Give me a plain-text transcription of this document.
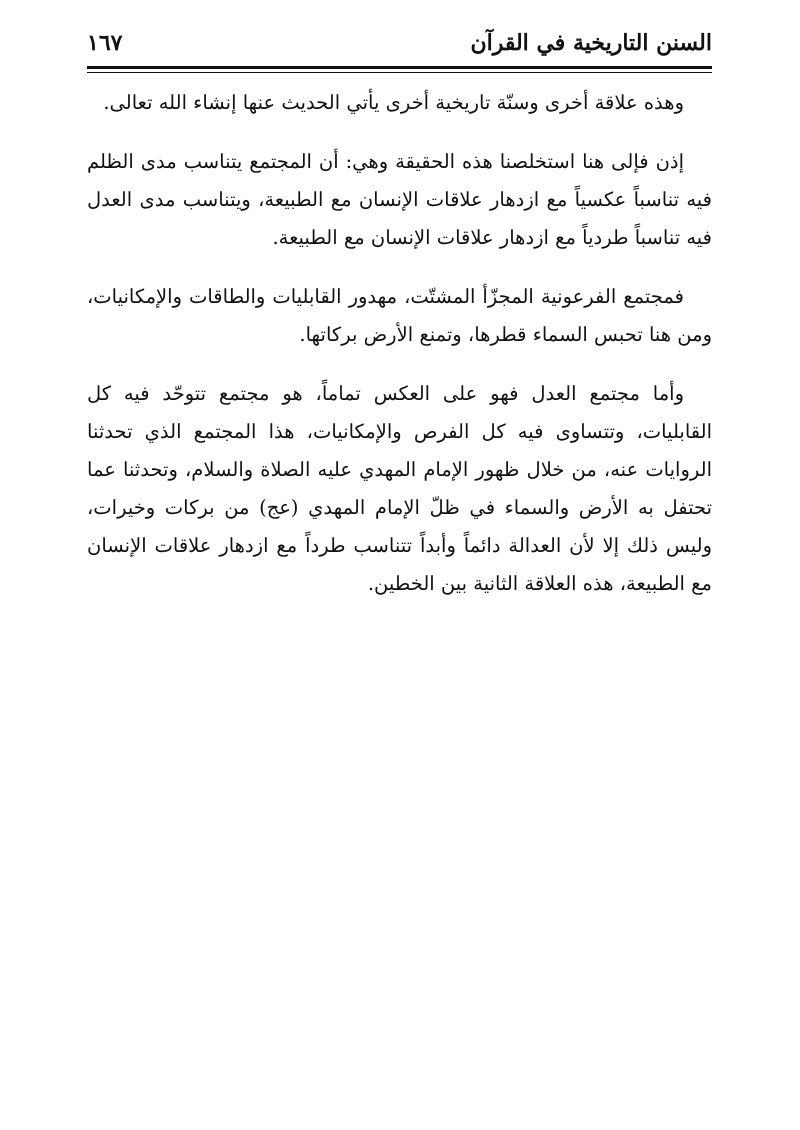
السنن التاريخية في القرآن
١٦٧

وهذه علاقة أخرى وسنّة تاريخية أخرى يأتي الحديث عنها إنشاء الله تعالى.

إذن فإلى هنا استخلصنا هذه الحقيقة وهي: أن المجتمع يتناسب مدى الظلم فيه تناسباً عكسياً مع ازدهار علاقات الإنسان مع الطبيعة، ويتناسب مدى العدل فيه تناسباً طردياً مع ازدهار علاقات الإنسان مع الطبيعة.

فمجتمع الفرعونية المجزّأ المشتّت، مهدور القابليات والطاقات والإمكانيات، ومن هنا تحبس السماء قطرها، وتمنع الأرض بركاتها.

وأما مجتمع العدل فهو على العكس تماماً، هو مجتمع تتوحّد فيه كل القابليات، وتتساوى فيه كل الفرص والإمكانيات، هذا المجتمع الذي تحدثنا الروايات عنه، من خلال ظهور الإمام المهدي عليه الصلاة والسلام، وتحدثنا عما تحتفل به الأرض والسماء في ظلّ الإمام المهدي (عج) من بركات وخيرات، وليس ذلك إلا لأن العدالة دائماً وأبداً تتناسب طرداً مع ازدهار علاقات الإنسان مع الطبيعة، هذه العلاقة الثانية بين الخطين.
